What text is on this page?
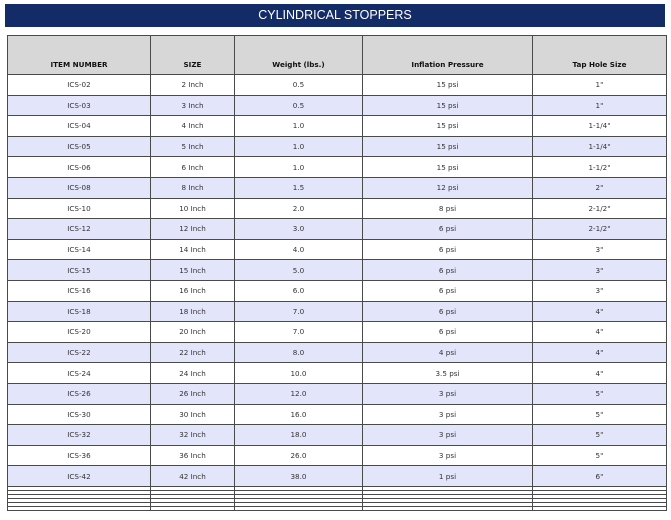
CYLINDRICAL STOPPERS
ITEM NUMBER	SIZE	Weight (lbs.)	Inflation Pressure	Tap Hole Size
ICS-02	2 Inch	0.5	15 psi	1"
ICS-03	3 Inch	0.5	15 psi	1"
ICS-04	4 Inch	1.0	15 psi	1-1/4"
ICS-05	5 Inch	1.0	15 psi	1-1/4"
ICS-06	6 Inch	1.0	15 psi	1-1/2"
ICS-08	8 Inch	1.5	12 psi	2"
ICS-10	10 Inch	2.0	8 psi	2-1/2"
ICS-12	12 Inch	3.0	6 psi	2-1/2"
ICS-14	14 Inch	4.0	6 psi	3"
ICS-15	15 Inch	5.0	6 psi	3"
ICS-16	16 Inch	6.0	6 psi	3"
ICS-18	18 Inch	7.0	6 psi	4"
ICS-20	20 Inch	7.0	6 psi	4"
ICS-22	22 Inch	8.0	4 psi	4"
ICS-24	24 Inch	10.0	3.5 psi	4"
ICS-26	26 Inch	12.0	3 psi	5"
ICS-30	30 Inch	16.0	3 psi	5"
ICS-32	32 Inch	18.0	3 psi	5"
ICS-36	36 Inch	26.0	3 psi	5"
ICS-42	42 Inch	38.0	1 psi	6"
